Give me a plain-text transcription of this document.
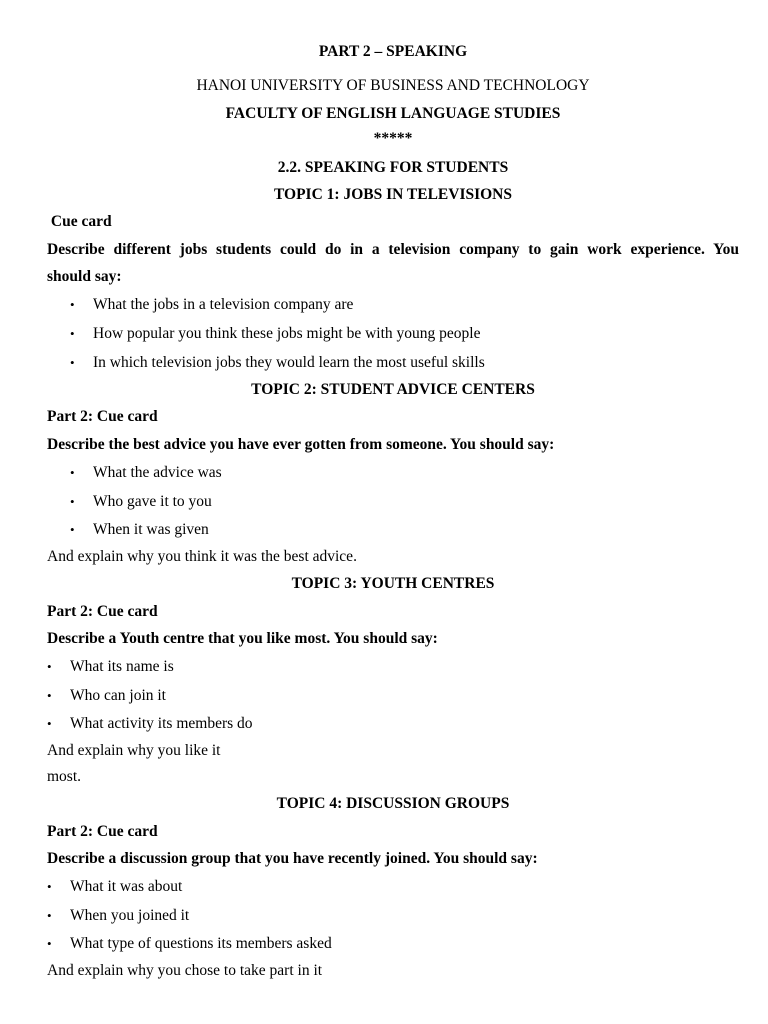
PART 2 – SPEAKING
HANOI UNIVERSITY OF BUSINESS AND TECHNOLOGY
FACULTY OF ENGLISH LANGUAGE STUDIES
*****
2.2. SPEAKING FOR STUDENTS
TOPIC 1: JOBS IN TELEVISIONS
Cue card
Describe different jobs students could do in a television company to gain work experience. You
should say:
•
What the jobs in a television company are
•
How popular you think these jobs might be with young people
•
In which television jobs they would learn the most useful skills
TOPIC 2: STUDENT ADVICE CENTERS
Part 2: Cue card
Describe the best advice you have ever gotten from someone. You should say:
•
What the advice was
•
Who gave it to you
•
When it was given
And explain why you think it was the best advice.
TOPIC 3: YOUTH CENTRES
Part 2: Cue card
Describe a Youth centre that you like most. You should say:
•
What its name is
•
Who can join it
•
What activity its members do
And explain why you like it
most.
TOPIC 4: DISCUSSION GROUPS
Part 2: Cue card
Describe a discussion group that you have recently joined. You should say:
•
What it was about
•
When you joined it
•
What type of questions its members asked
And explain why you chose to take part in it
